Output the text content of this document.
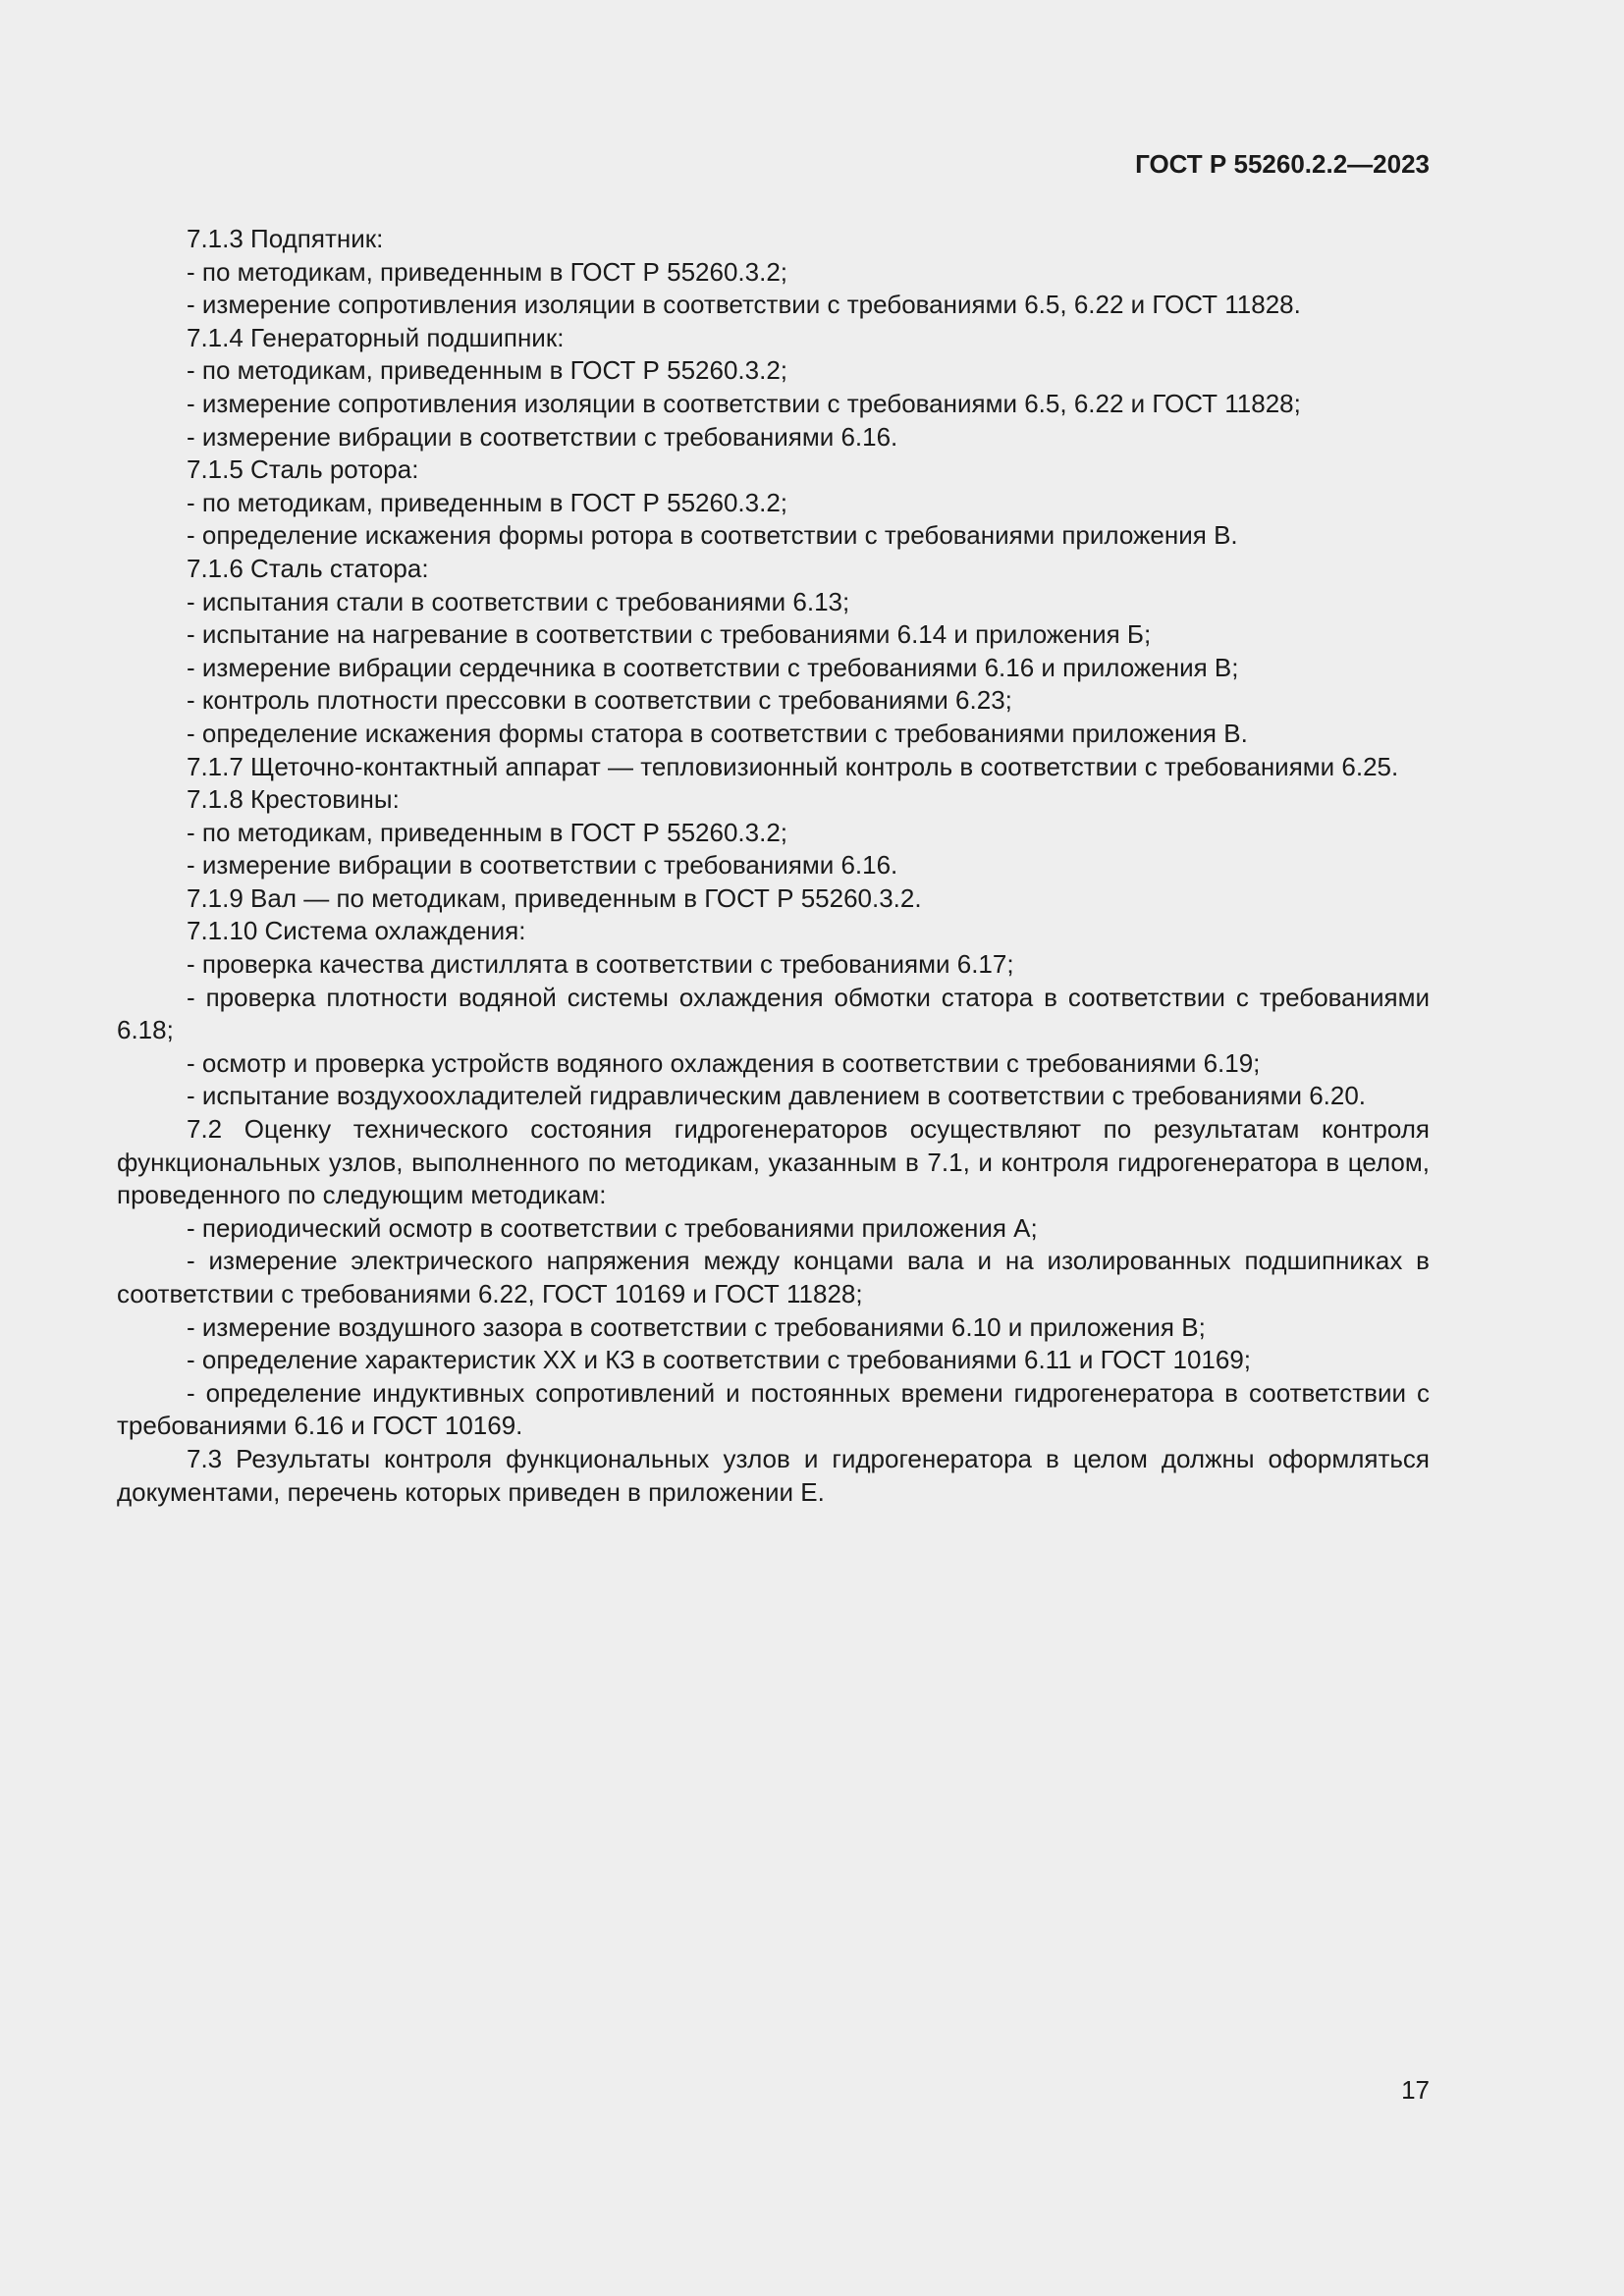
ГОСТ Р 55260.2.2—2023

7.1.3 Подпятник:

- по методикам, приведенным в ГОСТ Р 55260.3.2;

- измерение сопротивления изоляции в соответствии с требованиями 6.5, 6.22 и ГОСТ 11828.

7.1.4 Генераторный подшипник:

- по методикам, приведенным в ГОСТ Р 55260.3.2;

- измерение сопротивления изоляции в соответствии с требованиями 6.5, 6.22 и ГОСТ 11828;

- измерение вибрации в соответствии с требованиями 6.16.

7.1.5 Сталь ротора:

- по методикам, приведенным в ГОСТ Р 55260.3.2;

- определение искажения формы ротора в соответствии с требованиями приложения В.

7.1.6 Сталь статора:

- испытания стали в соответствии с требованиями 6.13;

- испытание на нагревание в соответствии с требованиями 6.14 и приложения Б;

- измерение вибрации сердечника в соответствии с требованиями 6.16 и приложения В;

- контроль плотности прессовки в соответствии с требованиями 6.23;

- определение искажения формы статора в соответствии с требованиями приложения В.

7.1.7 Щеточно-контактный аппарат — тепловизионный контроль в соответствии с требованиями 6.25.

7.1.8 Крестовины:

- по методикам, приведенным в ГОСТ Р 55260.3.2;

- измерение вибрации в соответствии с требованиями 6.16.

7.1.9 Вал — по методикам, приведенным в ГОСТ Р 55260.3.2.

7.1.10 Система охлаждения:

- проверка качества дистиллята в соответствии с требованиями 6.17;

- проверка плотности водяной системы охлаждения обмотки статора в соответствии с требованиями 6.18;

- осмотр и проверка устройств водяного охлаждения в соответствии с требованиями 6.19;

- испытание воздухоохладителей гидравлическим давлением в соответствии с требованиями 6.20.

7.2 Оценку технического состояния гидрогенераторов осуществляют по результатам контроля функциональных узлов, выполненного по методикам, указанным в 7.1, и контроля гидрогенератора в целом, проведенного по следующим методикам:

- периодический осмотр в соответствии с требованиями приложения А;

- измерение электрического напряжения между концами вала и на изолированных подшипниках в соответствии с требованиями 6.22, ГОСТ 10169 и ГОСТ 11828;

- измерение воздушного зазора в соответствии с требованиями 6.10 и приложения В;

- определение характеристик ХХ и КЗ в соответствии с требованиями 6.11 и ГОСТ 10169;

- определение индуктивных сопротивлений и постоянных времени гидрогенератора в соответствии с требованиями 6.16 и ГОСТ 10169.

7.3 Результаты контроля функциональных узлов и гидрогенератора в целом должны оформляться документами, перечень которых приведен в приложении Е.

17
